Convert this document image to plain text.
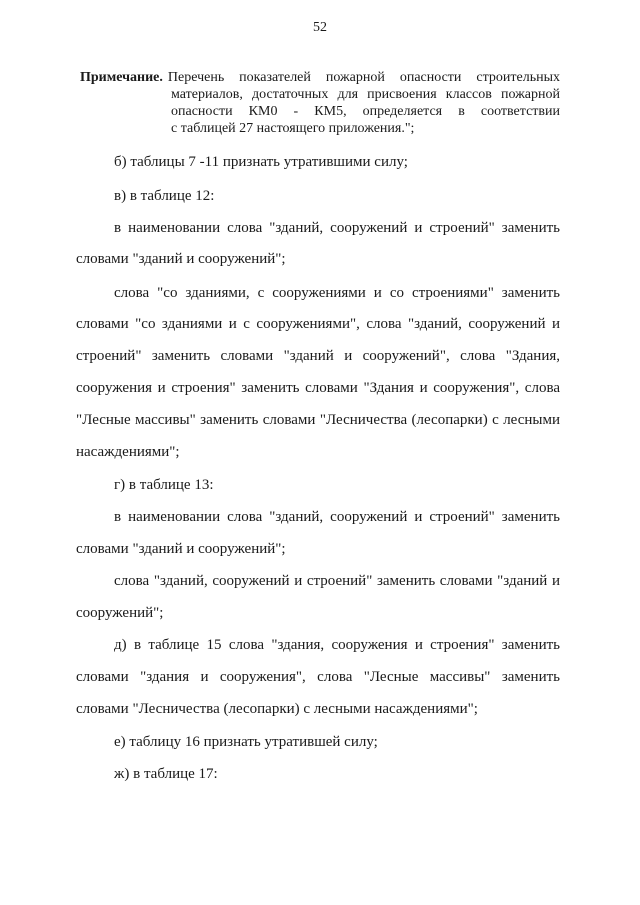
52
Примечание. Перечень показателей пожарной опасности строительных
материалов, достаточных для присвоения классов пожарной
опасности КМ0 - КМ5, определяется в соответствии
с таблицей 27 настоящего приложения.";
б) таблицы 7 -11 признать утратившими силу;
в) в таблице 12:
в наименовании слова "зданий, сооружений и строений" заменить
словами "зданий и сооружений";
слова "со зданиями, с сооружениями и со строениями" заменить
словами "со зданиями и с сооружениями", слова "зданий, сооружений и
строений" заменить словами "зданий и сооружений", слова "Здания,
сооружения и строения" заменить словами "Здания и сооружения", слова
"Лесные массивы" заменить словами "Лесничества (лесопарки) с лесными
насаждениями";
г) в таблице 13:
в наименовании слова "зданий, сооружений и строений" заменить
словами "зданий и сооружений";
слова "зданий, сооружений и строений" заменить словами "зданий и
сооружений";
д) в таблице 15 слова "здания, сооружения и строения" заменить
словами "здания и сооружения", слова "Лесные массивы" заменить
словами "Лесничества (лесопарки) с лесными насаждениями";
е) таблицу 16 признать утратившей силу;
ж) в таблице 17:
